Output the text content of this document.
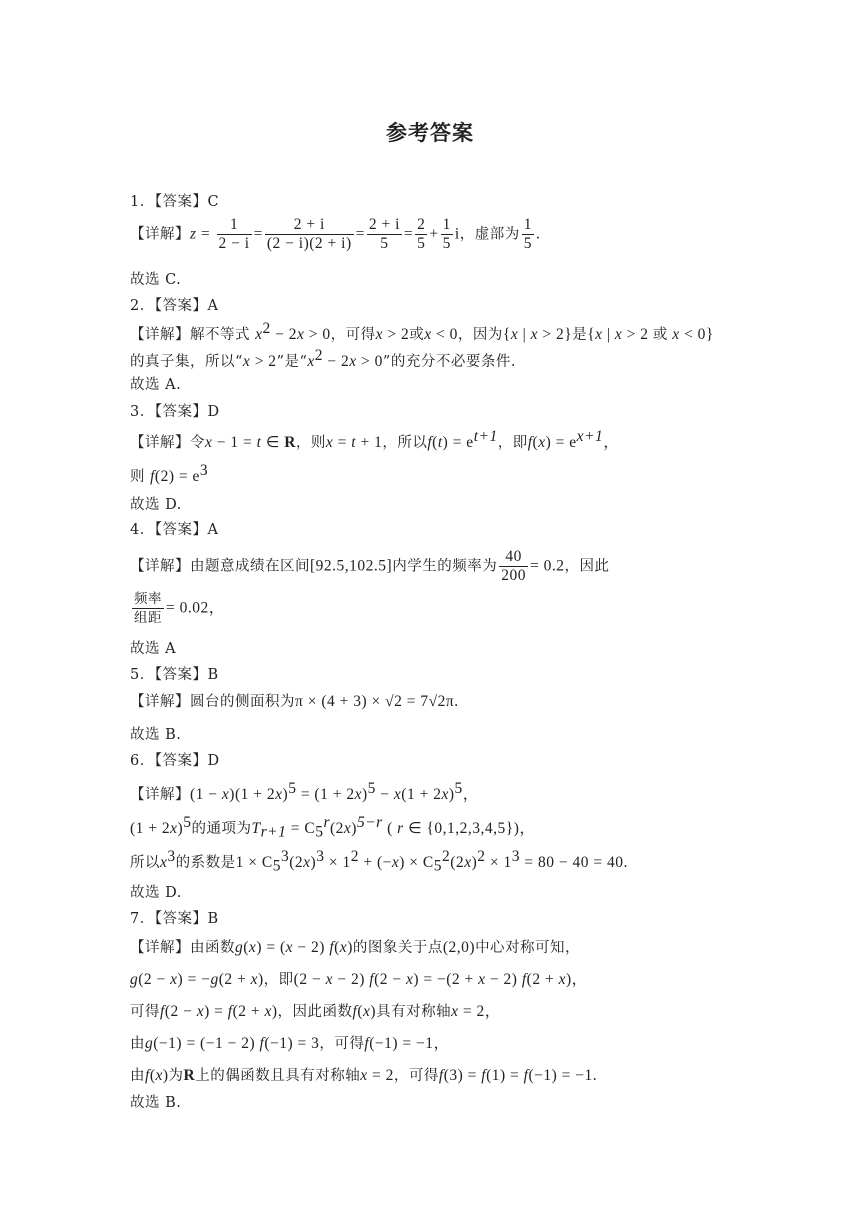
参考答案
1．【答案】C
【详解】$z = \frac{1}{2 - i} = \frac{2 + i}{(2 - i)(2 + i)} = \frac{2 + i}{5} = \frac{2}{5} + \frac{1}{5}$ i，虚部为 $\frac{1}{5}$ .
故选 C.
2．【答案】A
【详解】解不等式 $x^2 - 2x > 0$，可得x > 2或x < 0，因为{x | x > 2}是{x | x > 2 或 x < 0}
的真子集，所以“x > 2”是“$x^2 - 2x > 0$”的充分不必要条件.
故选 A.
3．【答案】D
【详解】令x − 1 = t ∈ R，则x = t + 1，所以$f(t) = e^{t+1}$，即$f(x) = e^{x+1}$，
则 $f(2) = e^3$
故选 D.
4．【答案】A
【详解】由题意成绩在区间[92.5,102.5]内学生的频率为 $\frac{40}{200} = 0.2$，因此
$\frac{\text{频率}}{\text{组距}} = 0.02$，
故选 A
5．【答案】B
【详解】圆台的侧面积为π × (4 + 3) × √2 = 7√2π.
故选 B.
6．【答案】D
【详解】$(1 - x)(1 + 2x)^5 = (1 + 2x)^5 - x(1 + 2x)^5$，
$(1 + 2x)^5$的通项为$T_{r+1} = C_5^r(2x)^{5-r}$ ( r ∈ {0,1,2,3,4,5})，
所以$x^3$的系数是$1 \times C_5^3(2x)^3 \times 1^2 + (-x) \times C_5^2(2x)^2 \times 1^3 = 80 - 40 = 40$.
故选 D.
7．【答案】B
【详解】由函数g(x) = (x − 2) f(x)的图象关于点(2,0)中心对称可知，
g(2 − x) = −g(2 + x)，即(2 − x − 2) f(2 − x) = −(2 + x − 2) f(2 + x)，
可得f(2 − x) = f(2 + x)，因此函数f(x)具有对称轴x = 2，
由g(−1) = (−1 − 2) f(−1) = 3，可得f(−1) = −1，
由f(x)为R上的偶函数且具有对称轴x = 2，可得f(3) = f(1) = f(−1) = −1.
故选 B.
